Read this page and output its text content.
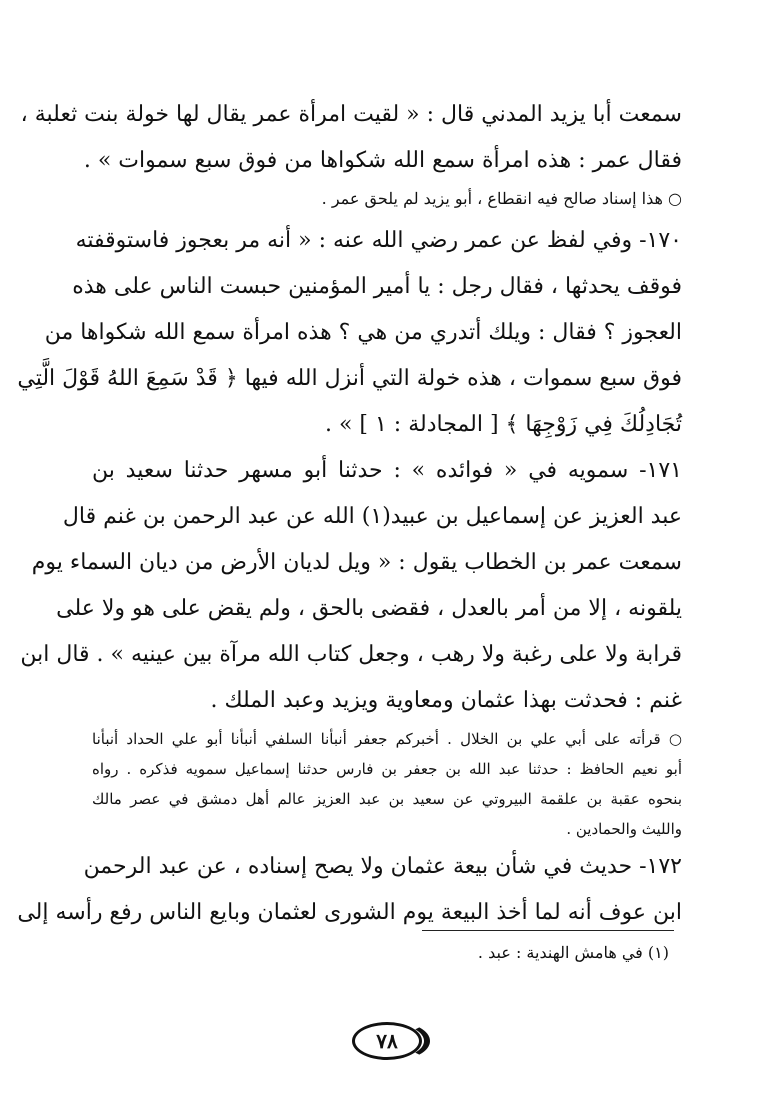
سمعت أبا يزيد المدني قال : « لقيت امرأة عمر يقال لها خولة بنت ثعلبة ،
فقال عمر : هذه امرأة سمع الله شكواها من فوق سبع سموات » .
○ هذا إسناد صالح فيه انقطاع ، أبو يزيد لم يلحق عمر .
١٧٠- وفي لفظ عن عمر رضي الله عنه : « أنه مر بعجوز فاستوقفته
فوقف يحدثها ، فقال رجل : يا أمير المؤمنين حبست الناس على هذه
العجوز ؟ فقال : ويلك أتدري من هي ؟ هذه امرأة سمع الله شكواها من
فوق سبع سموات ، هذه خولة التي أنزل الله فيها ﴿ قَدْ سَمِعَ اللهُ قَوْلَ الَّتِي
تُجَادِلُكَ فِي زَوْجِهَا ﴾ [ المجادلة : ١ ] » .
١٧١- سمويه في « فوائده » : حدثنا أبو مسهر حدثنا سعيد بن
عبد العزيز عن إسماعيل بن عبيد(١) الله عن عبد الرحمن بن غنم قال
سمعت عمر بن الخطاب يقول : « ويل لديان الأرض من ديان السماء يوم
يلقونه ، إلا من أمر بالعدل ، فقضى بالحق ، ولم يقض على هو ولا على
قرابة ولا على رغبة ولا رهب ، وجعل كتاب الله مرآة بين عينيه » . قال ابن
غنم : فحدثت بهذا عثمان ومعاوية ويزيد وعبد الملك .
○ قرأته على أبي علي بن الخلال . أخبركم جعفر أنبأنا السلفي أنبأنا أبو علي الحداد أنبأنا
أبو نعيم الحافظ : حدثنا عبد الله بن جعفر بن فارس حدثنا إسماعيل سمويه فذكره . رواه
بنحوه عقبة بن علقمة البيروتي عن سعيد بن عبد العزيز عالم أهل دمشق في عصر مالك
والليث والحمادين .
١٧٢- حديث في شأن بيعة عثمان ولا يصح إسناده ، عن عبد الرحمن
ابن عوف أنه لما أخذ البيعة يوم الشورى لعثمان وبايع الناس رفع رأسه إلى
(١) في هامش الهندية : عبد .
٧٨
